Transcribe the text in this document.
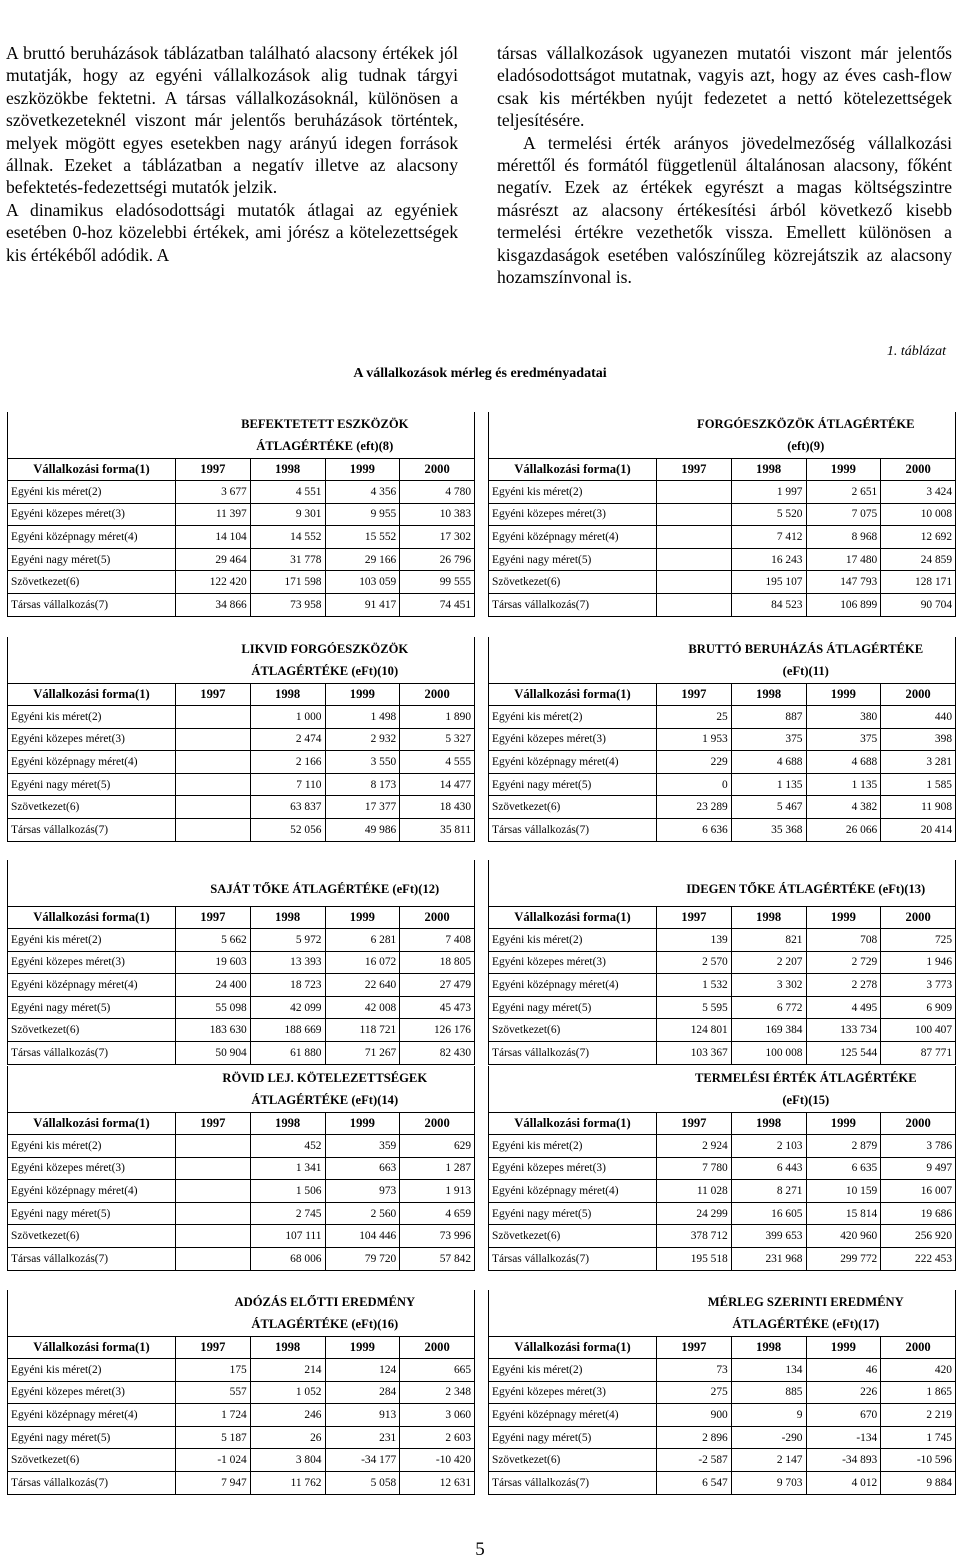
A bruttó beruházások táblázatban található alacsony értékek jól mutatják, hogy az egyéni vállalkozások alig tudnak tárgyi eszközökbe fektetni. A társas vállalkozásoknál, különösen a szövetkezeteknél viszont már jelentős beruházások történtek, melyek mögött egyes esetekben nagy arányú idegen források állnak. Ezeket a táblázatban a negatív illetve az alacsony befektetés-fedezettségi mutatók jelzik.

A dinamikus eladósodottsági mutatók átlagai az egyéniek esetében 0-hoz közelebbi értékek, ami jórész a kötelezettségek kis értékéből adódik. A

társas vállalkozások ugyanezen mutatói viszont már jelentős eladósodottságot mutatnak, vagyis azt, hogy az éves cash-flow csak kis mértékben nyújt fedezetet a nettó kötelezettségek teljesítésére.

A termelési érték arányos jövedelmezőség vállalkozási mérettől és formától függetlenül általánosan alacsony, főként negatív. Ezek az értékek egyrészt a magas költségszintre másrészt az alacsony értékesítési árból következő kisebb termelési értékre vezethetők vissza. Emellett különösen a kisgazdaságok esetében valószínűleg közrejátszik az alacsony hozamszínvonal is.

1. táblázat
A vállalkozások mérleg és eredményadatai

	BEFEKTETETT ESZKÖZÖK
ÁTLAGÉRTÉKE (eft)(8)			

Vállalkozási forma(1)	1997	1998	1999	2000
Egyéni kis méret(2)	3 677	4 551	4 356	4 780
Egyéni közepes méret(3)	11 397	9 301	9 955	10 383
Egyéni középnagy méret(4)	14 104	14 552	15 552	17 302
Egyéni nagy méret(5)	29 464	31 778	29 166	26 796
Szövetkezet(6)	122 420	171 598	103 059	99 555
Társas vállalkozás(7)	34 866	73 958	91 417	74 451

	FORGÓESZKÖZÖK ÁTLAGÉRTÉKE
(eft)(9)			

Vállalkozási forma(1)	1997	1998	1999	2000
Egyéni kis méret(2)		1 997	2 651	3 424
Egyéni közepes méret(3)		5 520	7 075	10 008
Egyéni középnagy méret(4)		7 412	8 968	12 692
Egyéni nagy méret(5)		16 243	17 480	24 859
Szövetkezet(6)		195 107	147 793	128 171
Társas vállalkozás(7)		84 523	106 899	90 704

	LIKVID FORGÓESZKÖZÖK
ÁTLAGÉRTÉKE (eFt)(10)			

Vállalkozási forma(1)	1997	1998	1999	2000
Egyéni kis méret(2)		1 000	1 498	1 890
Egyéni közepes méret(3)		2 474	2 932	5 327
Egyéni középnagy méret(4)		2 166	3 550	4 555
Egyéni nagy méret(5)		7 110	8 173	14 477
Szövetkezet(6)		63 837	17 377	18 430
Társas vállalkozás(7)		52 056	49 986	35 811

	BRUTTÓ BERUHÁZÁS ÁTLAGÉRTÉKE
(eFt)(11)			

Vállalkozási forma(1)	1997	1998	1999	2000
Egyéni kis méret(2)	25	887	380	440
Egyéni közepes méret(3)	1 953	375	375	398
Egyéni középnagy méret(4)	229	4 688	4 688	3 281
Egyéni nagy méret(5)	0	1 135	1 135	1 585
Szövetkezet(6)	23 289	5 467	4 382	11 908
Társas vállalkozás(7)	6 636	35 368	26 066	20 414

	SAJÁT TŐKE ÁTLAGÉRTÉKE (eFt)(12)			

Vállalkozási forma(1)	1997	1998	1999	2000
Egyéni kis méret(2)	5 662	5 972	6 281	7 408
Egyéni közepes méret(3)	19 603	13 393	16 072	18 805
Egyéni középnagy méret(4)	24 400	18 723	22 640	27 479
Egyéni nagy méret(5)	55 098	42 099	42 008	45 473
Szövetkezet(6)	183 630	188 669	118 721	126 176
Társas vállalkozás(7)	50 904	61 880	71 267	82 430

	IDEGEN TŐKE ÁTLAGÉRTÉKE (eFt)(13)			

Vállalkozási forma(1)	1997	1998	1999	2000
Egyéni kis méret(2)	139	821	708	725
Egyéni közepes méret(3)	2 570	2 207	2 729	1 946
Egyéni középnagy méret(4)	1 532	3 302	2 278	3 773
Egyéni nagy méret(5)	5 595	6 772	4 495	6 909
Szövetkezet(6)	124 801	169 384	133 734	100 407
Társas vállalkozás(7)	103 367	100 008	125 544	87 771

	RÖVID LEJ. KÖTELEZETTSÉGEK
ÁTLAGÉRTÉKE (eFt)(14)			

Vállalkozási forma(1)	1997	1998	1999	2000
Egyéni kis méret(2)		452	359	629
Egyéni közepes méret(3)		1 341	663	1 287
Egyéni középnagy méret(4)		1 506	973	1 913
Egyéni nagy méret(5)		2 745	2 560	4 659
Szövetkezet(6)		107 111	104 446	73 996
Társas vállalkozás(7)		68 006	79 720	57 842

	TERMELÉSI ÉRTÉK ÁTLAGÉRTÉKE
(eFt)(15)			

Vállalkozási forma(1)	1997	1998	1999	2000
Egyéni kis méret(2)	2 924	2 103	2 879	3 786
Egyéni közepes méret(3)	7 780	6 443	6 635	9 497
Egyéni középnagy méret(4)	11 028	8 271	10 159	16 007
Egyéni nagy méret(5)	24 299	16 605	15 814	19 686
Szövetkezet(6)	378 712	399 653	420 960	256 920
Társas vállalkozás(7)	195 518	231 968	299 772	222 453

	ADÓZÁS ELŐTTI EREDMÉNY
ÁTLAGÉRTÉKE (eFt)(16)			

Vállalkozási forma(1)	1997	1998	1999	2000
Egyéni kis méret(2)	175	214	124	665
Egyéni közepes méret(3)	557	1 052	284	2 348
Egyéni középnagy méret(4)	1 724	246	913	3 060
Egyéni nagy méret(5)	5 187	26	231	2 603
Szövetkezet(6)	-1 024	3 804	-34 177	-10 420
Társas vállalkozás(7)	7 947	11 762	5 058	12 631

	MÉRLEG SZERINTI EREDMÉNY
ÁTLAGÉRTÉKE (eFt)(17)			

Vállalkozási forma(1)	1997	1998	1999	2000
Egyéni kis méret(2)	73	134	46	420
Egyéni közepes méret(3)	275	885	226	1 865
Egyéni középnagy méret(4)	900	9	670	2 219
Egyéni nagy méret(5)	2 896	-290	-134	1 745
Szövetkezet(6)	-2 587	2 147	-34 893	-10 596
Társas vállalkozás(7)	6 547	9 703	4 012	9 884
5
